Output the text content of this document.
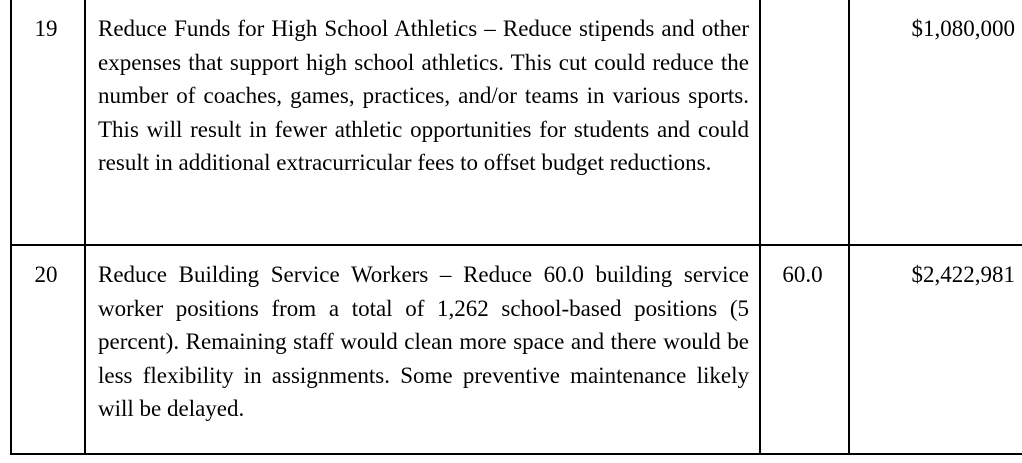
19	Reduce Funds for High School Athletics – Reduce stipends and other expenses that support high school athletics. This cut could reduce the number of coaches, games, practices, and/or teams in various sports. This will result in fewer athletic opportunities for students and could result in additional extracurricular fees to offset budget reductions.		$1,080,000

20	Reduce Building Service Workers – Reduce 60.0 building service worker positions from a total of 1,262 school-based positions (5 percent). Remaining staff would clean more space and there would be less flexibility in assignments. Some preventive maintenance likely will be delayed.	60.0	$2,422,981
